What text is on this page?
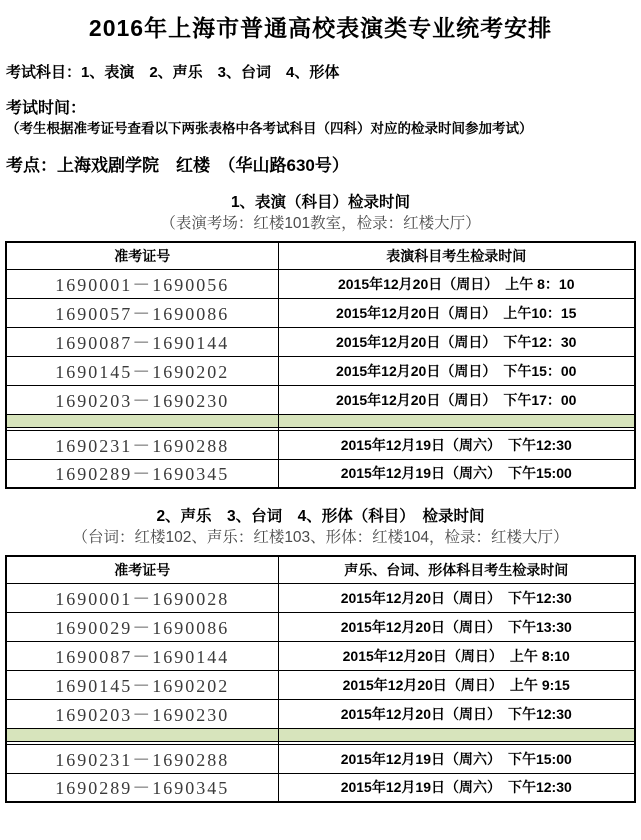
2016年上海市普通高校表演类专业统考安排
考试科目：1、表演　2、声乐　3、台词　4、形体
考试时间：
（考生根据准考证号查看以下两张表格中各考试科目（四科）对应的检录时间参加考试）
考点：上海戏剧学院　红楼　（华山路630号）
1、表演（科目）检录时间
（表演考场：红楼101教室，检录：红楼大厅）
准考证号	表演科目考生检录时间
1690001－1690056	2015年12月20日（周日）　上午 8：10
1690057－1690086	2015年12月20日（周日）　上午10：15
1690087－1690144	2015年12月20日（周日）　下午12：30
1690145－1690202	2015年12月20日（周日）　下午15：00
1690203－1690230	2015年12月20日（周日）　下午17：00

1690231－1690288	2015年12月19日（周六）　下午12:30
1690289－1690345	2015年12月19日（周六）　下午15:00
2、声乐　3、台词　4、形体（科目）　检录时间
（台词：红楼102、声乐：红楼103、形体：红楼104，检录：红楼大厅）
准考证号	声乐、台词、形体科目考生检录时间
1690001－1690028	2015年12月20日（周日）　下午12:30
1690029－1690086	2015年12月20日（周日）　下午13:30
1690087－1690144	2015年12月20日（周日）　上午 8:10
1690145－1690202	2015年12月20日（周日）　上午 9:15
1690203－1690230	2015年12月20日（周日）　下午12:30

1690231－1690288	2015年12月19日（周六）　下午15:00
1690289－1690345	2015年12月19日（周六）　下午12:30
